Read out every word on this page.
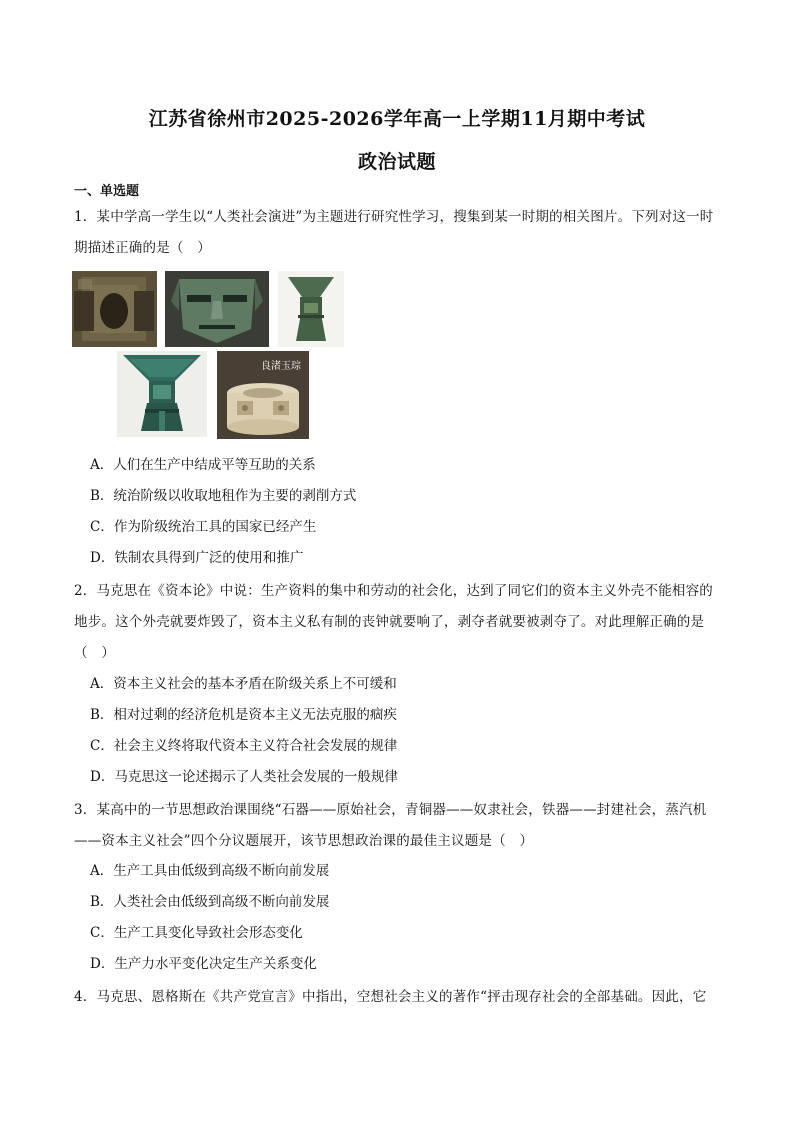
江苏省徐州市2025-2026学年高一上学期11月期中考试
政治试题
一、单选题
1．某中学高一学生以“人类社会演进”为主题进行研究性学习，搜集到某一时期的相关图片。下列对这一时期描述正确的是（　）
良渚玉琮
A．人们在生产中结成平等互助的关系
B．统治阶级以收取地租作为主要的剥削方式
C．作为阶级统治工具的国家已经产生
D．铁制农具得到广泛的使用和推广
2．马克思在《资本论》中说：生产资料的集中和劳动的社会化，达到了同它们的资本主义外壳不能相容的地步。这个外壳就要炸毁了，资本主义私有制的丧钟就要响了，剥夺者就要被剥夺了。对此理解正确的是（　）
A．资本主义社会的基本矛盾在阶级关系上不可缓和
B．相对过剩的经济危机是资本主义无法克服的痼疾
C．社会主义终将取代资本主义符合社会发展的规律
D．马克思这一论述揭示了人类社会发展的一般规律
3．某高中的一节思想政治课围绕“石器——原始社会，青铜器——奴隶社会，铁器——封建社会，蒸汽机——资本主义社会”四个分议题展开，该节思想政治课的最佳主议题是（　）
A．生产工具由低级到高级不断向前发展
B．人类社会由低级到高级不断向前发展
C．生产工具变化导致社会形态变化
D．生产力水平变化决定生产关系变化
4．马克思、恩格斯在《共产党宣言》中指出，空想社会主义的著作“抨击现存社会的全部基础。因此，它
